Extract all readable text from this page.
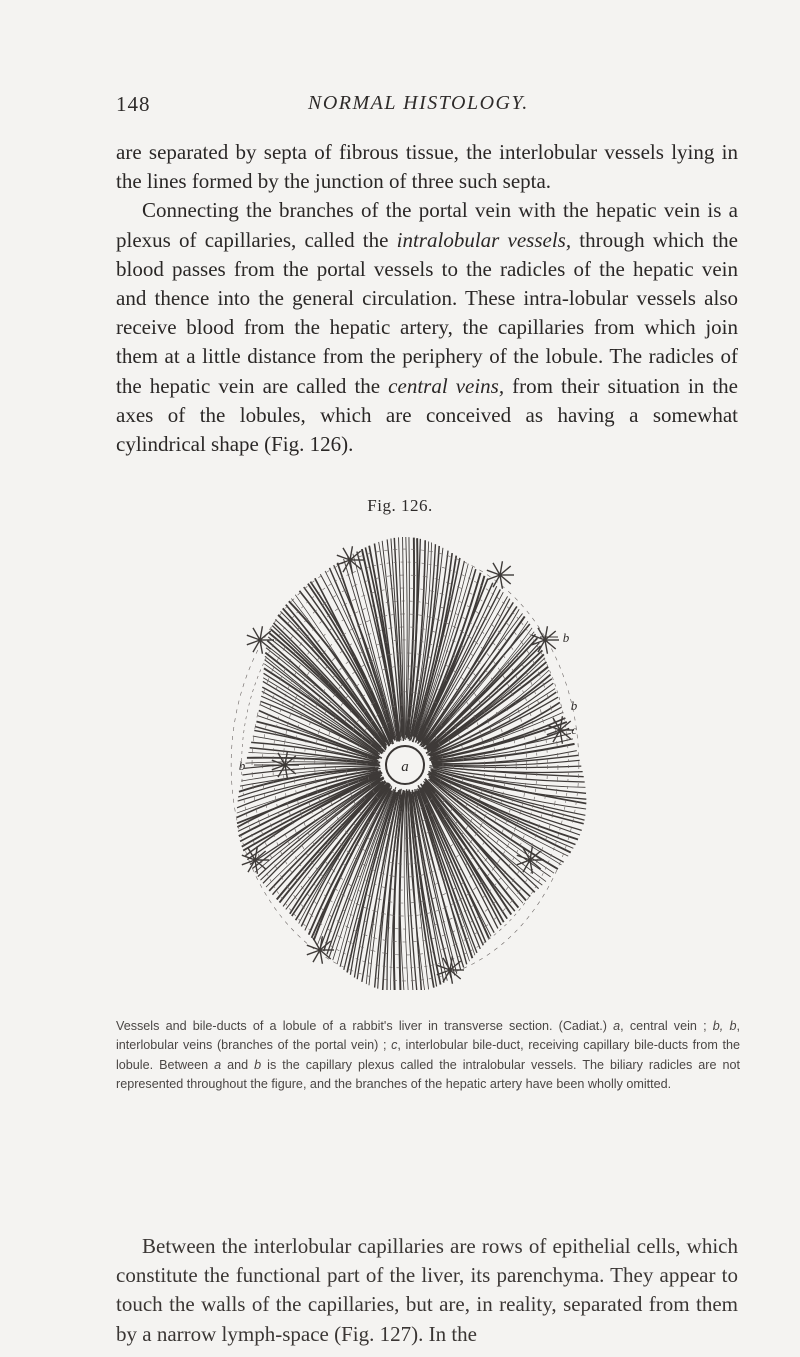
148	NORMAL HISTOLOGY.

are separated by septa of fibrous tissue, the interlobular vessels lying in the lines formed by the junction of three such septa.

Connecting the branches of the portal vein with the hepatic vein is a plexus of capillaries, called the intralobular vessels, through which the blood passes from the portal vessels to the radicles of the hepatic vein and thence into the general circulation. These intra-lobular vessels also receive blood from the hepatic artery, the capillaries from which join them at a little distance from the periphery of the lobule. The radicles of the hepatic vein are called the central veins, from their situation in the axes of the lobules, which are conceived as having a somewhat cylindrical shape (Fig. 126).

Fig. 126.
a
b
b
b
c
Vessels and bile-ducts of a lobule of a rabbit's liver in transverse section. (Cadiat.) a, central vein ; b, b, interlobular veins (branches of the portal vein) ; c, interlobular bile-duct, receiving capillary bile-ducts from the lobule. Between a and b is the capillary plexus called the intralobular vessels. The biliary radicles are not represented throughout the figure, and the branches of the hepatic artery have been wholly omitted.

Between the interlobular capillaries are rows of epithelial cells, which constitute the functional part of the liver, its parenchyma. They appear to touch the walls of the capillaries, but are, in reality, separated from them by a narrow lymph-space (Fig. 127). In the
